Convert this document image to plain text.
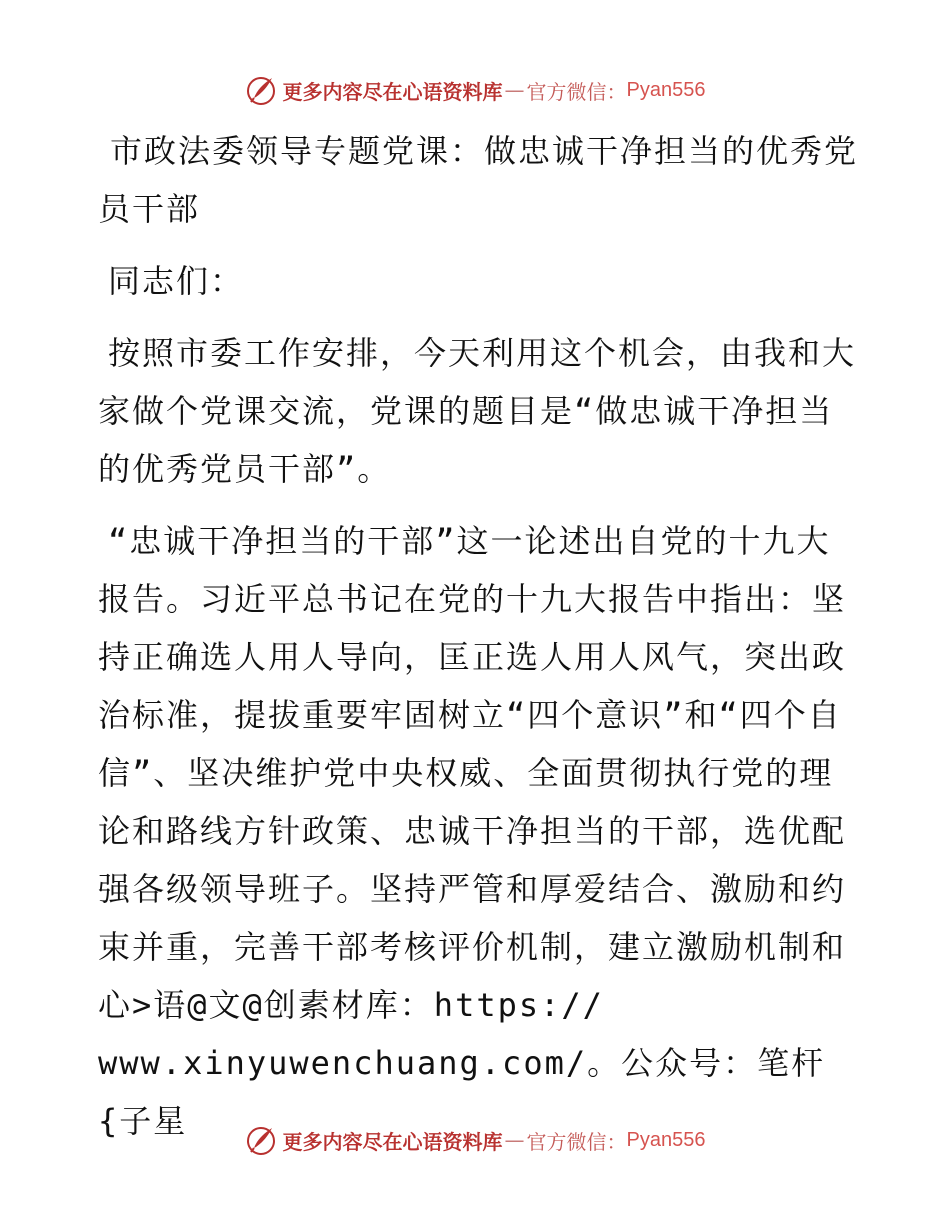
更多内容尽在心语资料库 — 官方微信： Pyan556

市政法委领导专题党课：做忠诚干净担当的优秀党员干部

同志们：

按照市委工作安排，今天利用这个机会，由我和大家做个党课交流，党课的题目是“做忠诚干净担当的优秀党员干部”。

“忠诚干净担当的干部”这一论述出自党的十九大报告。习近平总书记在党的十九大报告中指出：坚持正确选人用人导向，匡正选人用人风气，突出政治标准，提拔重要牢固树立“四个意识”和“四个自信”、坚决维护党中央权威、全面贯彻执行党的理论和路线方针政策、忠诚干净担当的干部，选优配强各级领导班子。坚持严管和厚爱结合、激励和约束并重，完善干部考核评价机制，建立激励机制和心>语@文@创素材库：https://

www.xinyuwenchuang.com/。公众号：笔杆{子星

更多内容尽在心语资料库 — 官方微信： Pyan556
